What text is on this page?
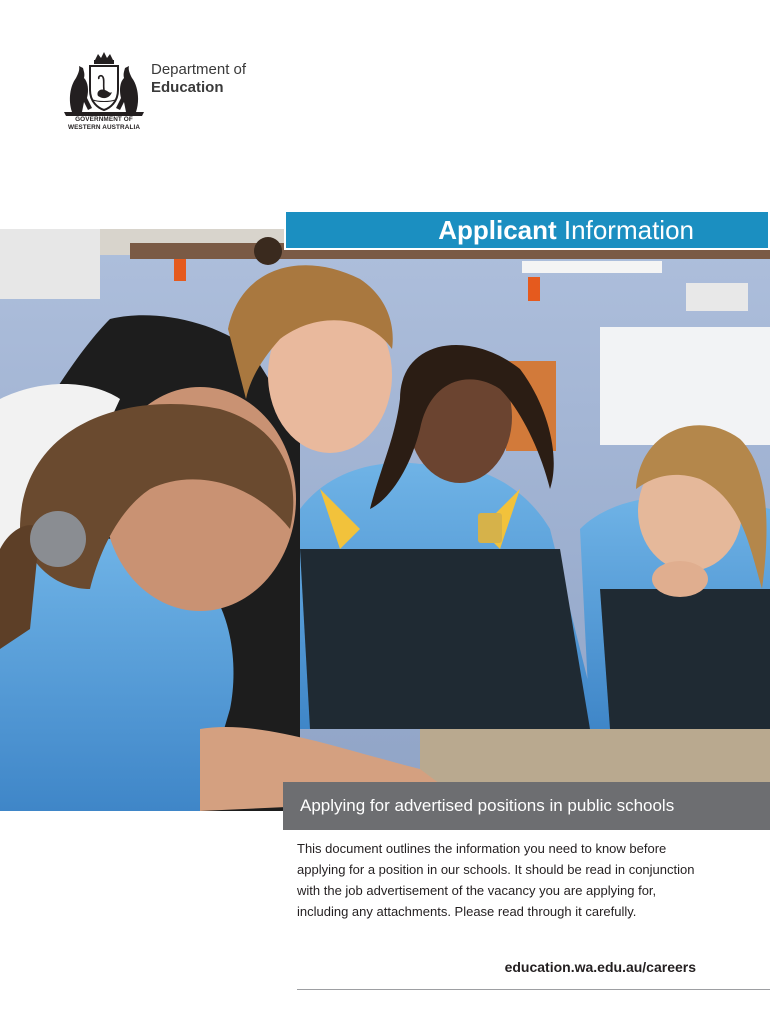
Department of
Education
GOVERNMENT OF
WESTERN AUSTRALIA
Applicant Information
Applying for advertised positions in public schools

This document outlines the information you need to know before applying for a position in our schools. It should be read in conjunction with the job advertisement of the vacancy you are applying for, including any attachments. Please read through it carefully.

education.wa.edu.au/careers
